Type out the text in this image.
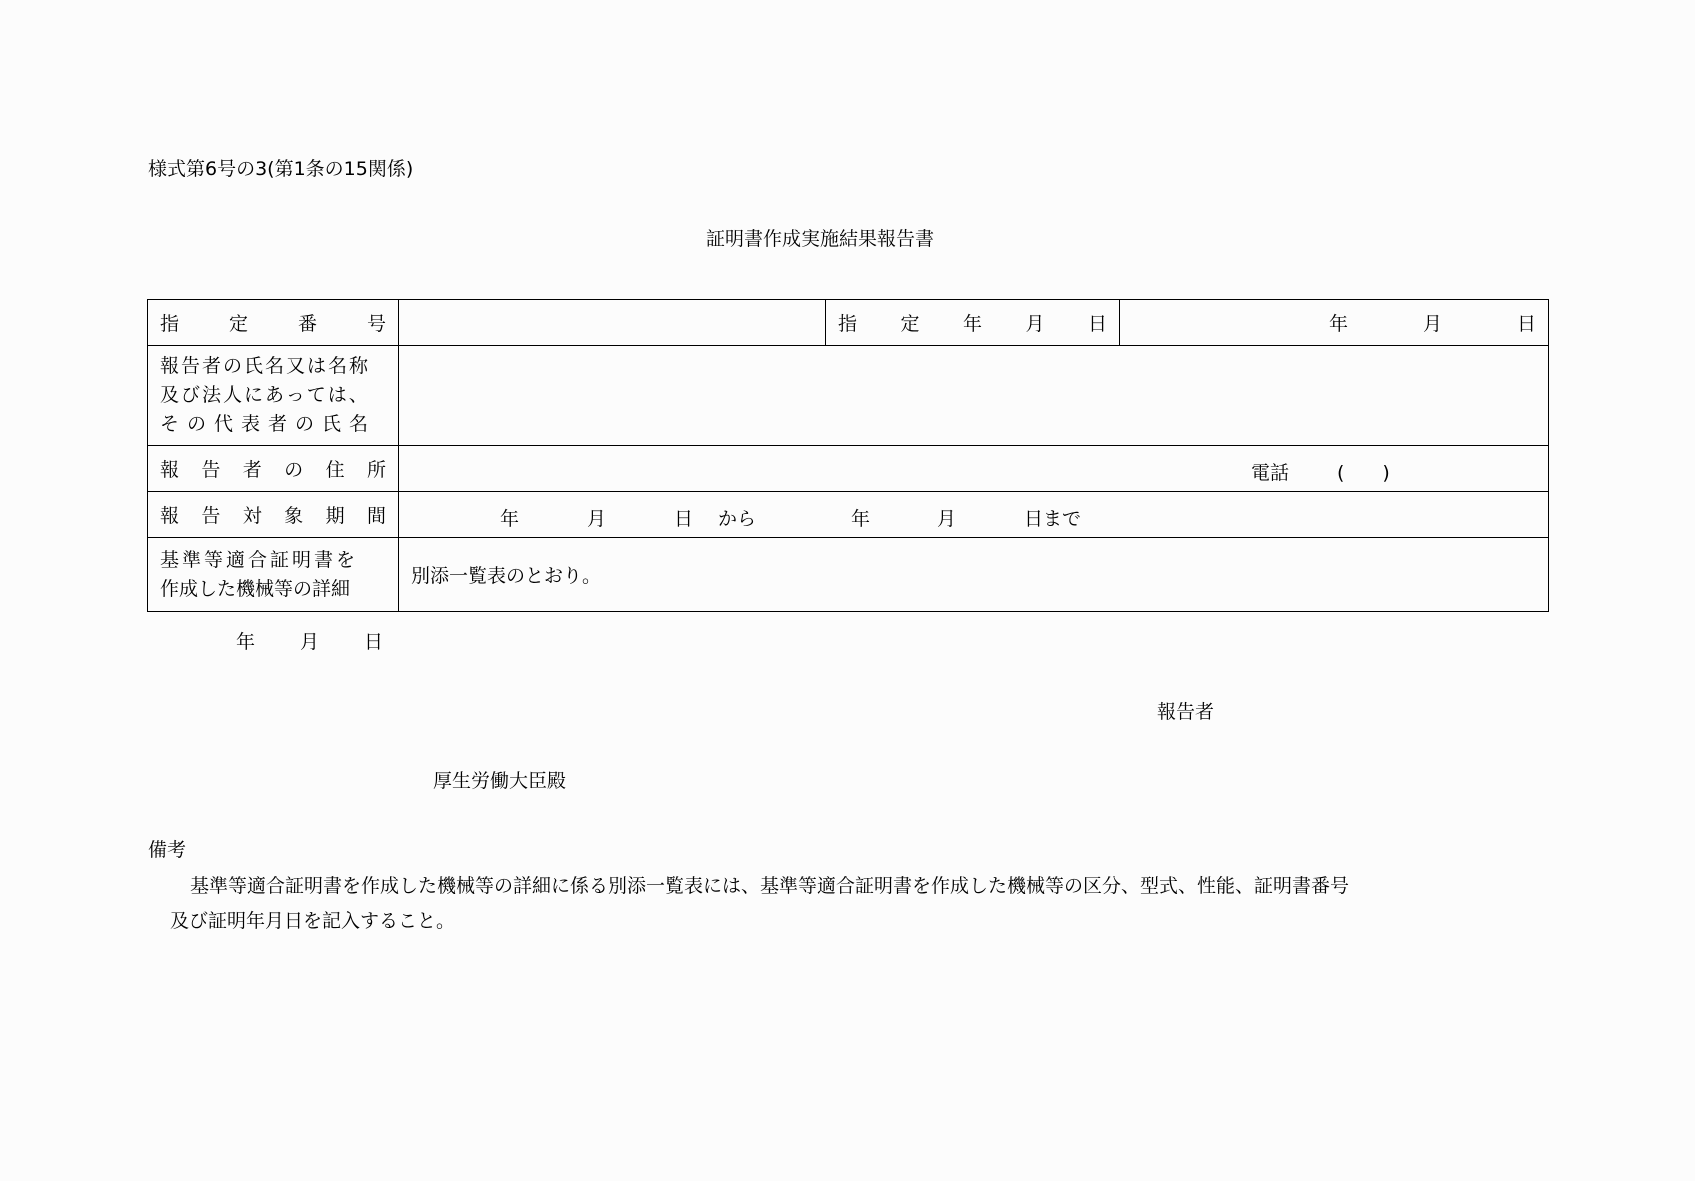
様式第6号の3(第1条の15関係)
証明書作成実施結果報告書
指 定 番 号		指 定 年 月 日	年 月 日

報告者の氏名又は名称
及び法人にあっては、
その代表者の氏名			

報 告 者 の 住 所	電話	(　　)

報 告 対 象 期 間	年	月	日 から	年	月	日まで

基準等適合証明書を
作成した機械等の詳細	別添一覧表のとおり。		
年 月 日
報告者
厚生労働大臣殿
備考
基準等適合証明書を作成した機械等の詳細に係る別添一覧表には、基準等適合証明書を作成した機械等の区分、型式、性能、証明書番号
及び証明年月日を記入すること。
